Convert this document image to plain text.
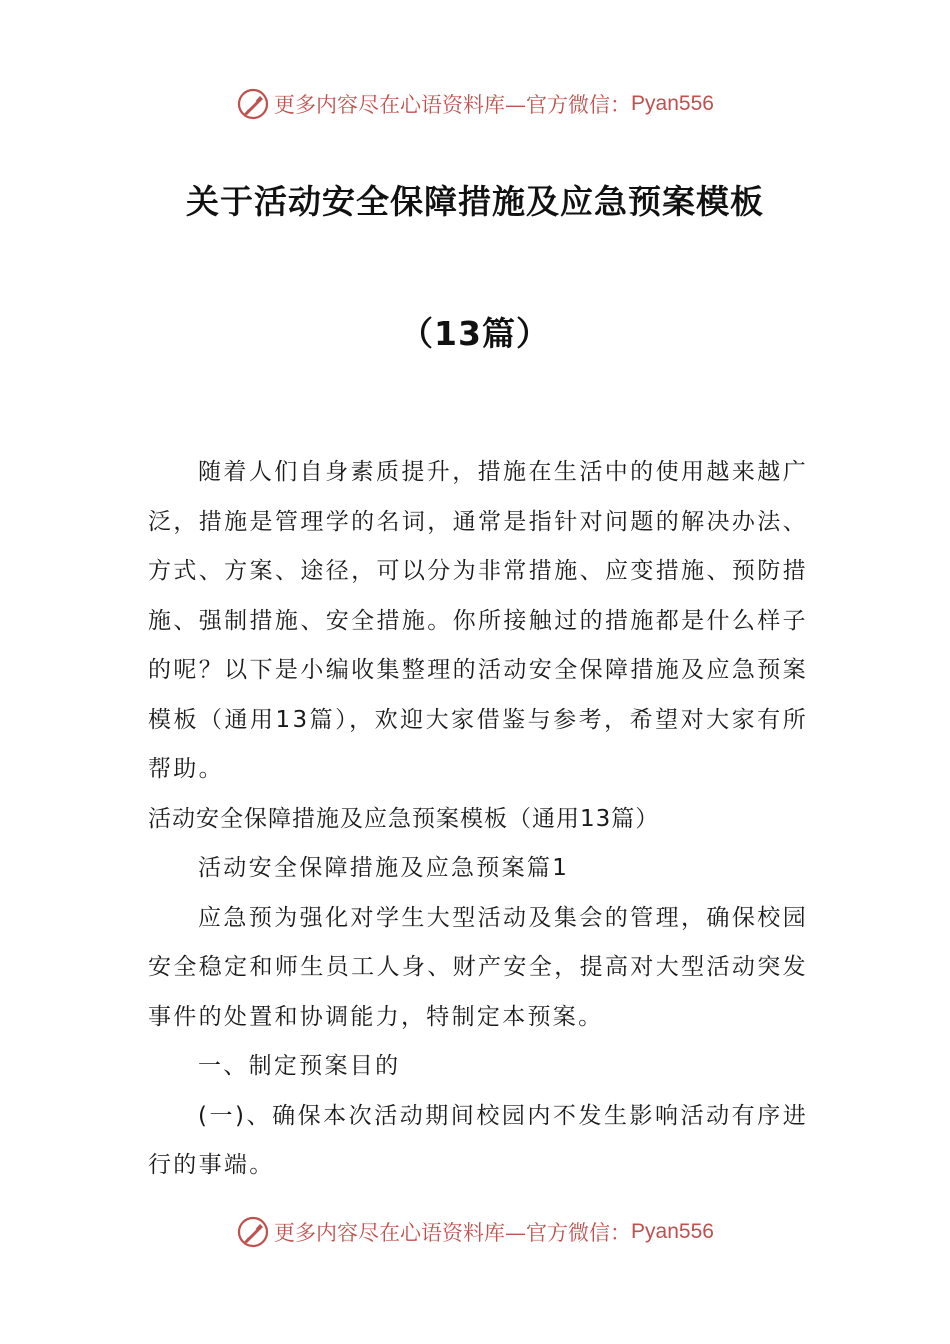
更多内容尽在心语资料库—官方微信： Pyan556
关于活动安全保障措施及应急预案模板
（13篇）

随着人们自身素质提升，措施在生活中的使用越来越广泛，措施是管理学的名词，通常是指针对问题的解决办法、方式、方案、途径，可以分为非常措施、应变措施、预防措施、强制措施、安全措施。你所接触过的措施都是什么样子的呢？以下是小编收集整理的活动安全保障措施及应急预案模板（通用13篇），欢迎大家借鉴与参考，希望对大家有所帮助。

活动安全保障措施及应急预案模板（通用13篇）

活动安全保障措施及应急预案篇1

应急预为强化对学生大型活动及集会的管理，确保校园安全稳定和师生员工人身、财产安全，提高对大型活动突发事件的处置和协调能力，特制定本预案。

一、制定预案目的

(一)、确保本次活动期间校园内不发生影响活动有序进行的事端。

更多内容尽在心语资料库—官方微信： Pyan556
